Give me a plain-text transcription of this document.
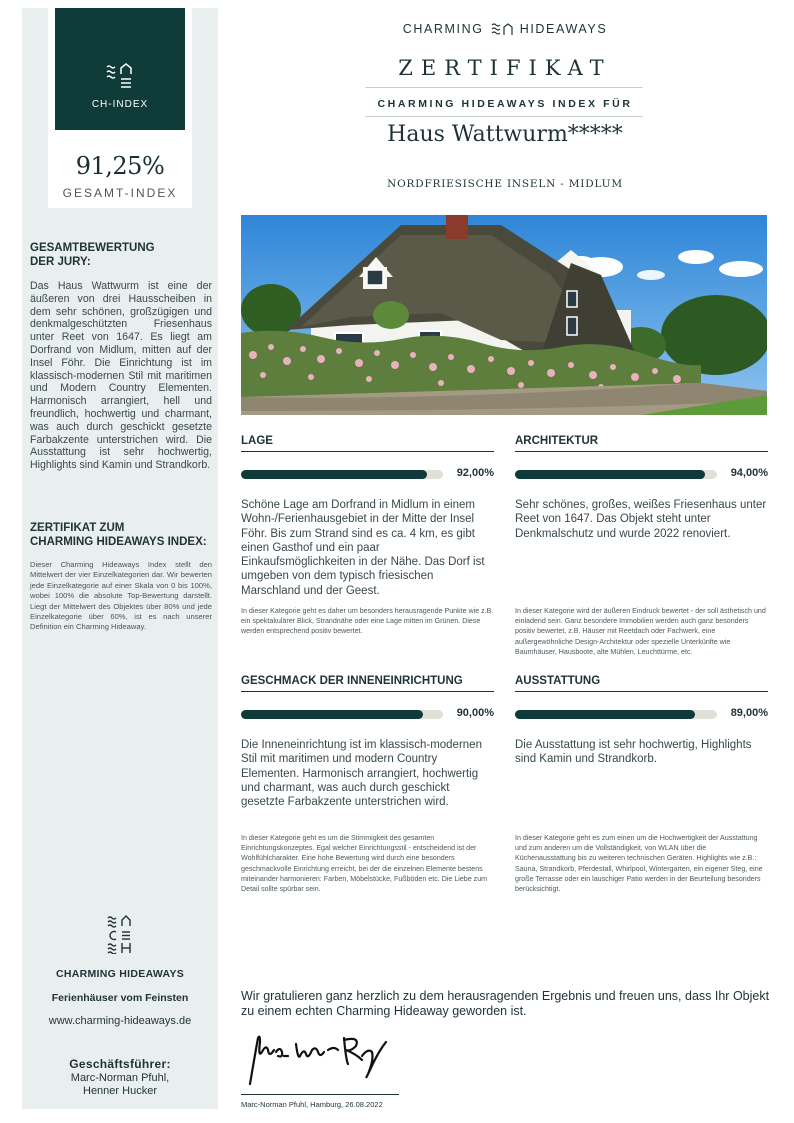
CH-INDEX
91,25%
GESAMT-INDEX
GESAMTBEWERTUNG
DER JURY:
Das Haus Wattwurm ist eine der äußeren von drei Hausscheiben in dem sehr schönen, großzügigen und denkmalgeschützten Friesenhaus unter Reet von 1647. Es liegt am Dorfrand von Midlum, mitten auf der Insel Föhr. Die Einrichtung ist im klassisch-modernen Stil mit maritimen und Modern Country Elementen. Harmonisch arrangiert, hell und freundlich, hochwertig und charmant, was auch durch geschickt gesetzte Farbakzente unterstrichen wird. Die Ausstattung ist sehr hochwertig, Highlights sind Kamin und Strandkorb.
ZERTIFIKAT ZUM
CHARMING HIDEAWAYS INDEX:
Dieser Charming Hideaways Index stellt den Mittelwert der vier Einzelkategorien dar. Wir bewerten jede Einzelkategorie auf einer Skala von 0 bis 100%, wobei 100% die absolute Top-Bewertung darstellt. Liegt der Mittelwert des Objektes über 80% und jede Einzelkategorie über 60%, ist es nach unserer Definition ein Charming Hideaway.
CHARMING HIDEAWAYS
Ferienhäuser vom Feinsten
www.charming-hideaways.de
Geschäftsführer:
Marc-Norman Pfuhl,
Henner Hucker
CHARMING	HIDEAWAYS
ZERTIFIKAT
CHARMING HIDEAWAYS INDEX FÜR
Haus Wattwurm*****
NORDFRIESISCHE INSELN - MIDLUM
LAGE
92,00%
Schöne Lage am Dorfrand in Midlum in einem Wohn-/Ferienhausgebiet in der Mitte der Insel Föhr. Bis zum Strand sind es ca. 4 km, es gibt einen Gasthof und ein paar Einkaufsmöglichkeiten in der Nähe. Das Dorf ist umgeben von dem typisch friesischen Marschland und der Geest.
In dieser Kategorie geht es daher um besonders herausragende Punkte wie z.B. ein spektakulärer Blick, Strandnähe oder eine Lage mitten im Grünen. Diese werden entsprechend positiv bewertet.
ARCHITEKTUR
94,00%
Sehr schönes, großes, weißes Friesenhaus unter Reet von 1647. Das Objekt steht unter Denkmalschutz und wurde 2022 renoviert.
In dieser Kategorie wird der äußeren Eindruck bewertet - der soll ästhetisch und einladend sein. Ganz besondere Immobilien werden auch ganz besonders positiv bewertet, z.B. Häuser mit Reetdach oder Fachwerk, eine außergewöhnliche Design-Architektur oder spezielle Unterkünfte wie Baumhäuser, Hausboote, alte Mühlen, Leuchttürme, etc.
GESCHMACK DER INNENEINRICHTUNG
90,00%
Die Inneneinrichtung ist im klassisch-modernen Stil mit maritimen und modern Country Elementen. Harmonisch arrangiert, hochwertig und charmant, was auch durch geschickt gesetzte Farbakzente unterstrichen wird.
In dieser Kategorie geht es um die Stimmigkeit des gesamten Einrichtungskonzeptes. Egal welcher Einrichtungsstil - entscheidend ist der Wohlfühlcharakter. Eine hohe Bewertung wird durch eine besonders geschmackvolle Einrichtung erreicht, bei der die einzelnen Elemente bestens miteinander harmonieren: Farben, Möbelstücke, Fußböden etc. Die Liebe zum Detail sollte spürbar sein.
AUSSTATTUNG
89,00%
Die Ausstattung ist sehr hochwertig, Highlights sind Kamin und Strandkorb.
In dieser Kategorie geht es zum einen um die Hochwertigkeit der Ausstattung und zum anderen um die Vollständigkeit, von WLAN über die Küchenausstattung bis zu weiteren technischen Geräten. Highlights wie z.B.: Sauna, Strandkorb, Pferdestall, Whirlpool, Wintergarten, ein eigener Steg, eine große Terrasse oder ein lauschiger Patio werden in der Beurteilung besonders berücksichtigt.
Wir gratulieren ganz herzlich zu dem herausragenden Ergebnis und freuen uns, dass Ihr Objekt zu einem echten Charming Hideaway geworden ist.
Marc-Norman Pfuhl, Hamburg, 26.08.2022
